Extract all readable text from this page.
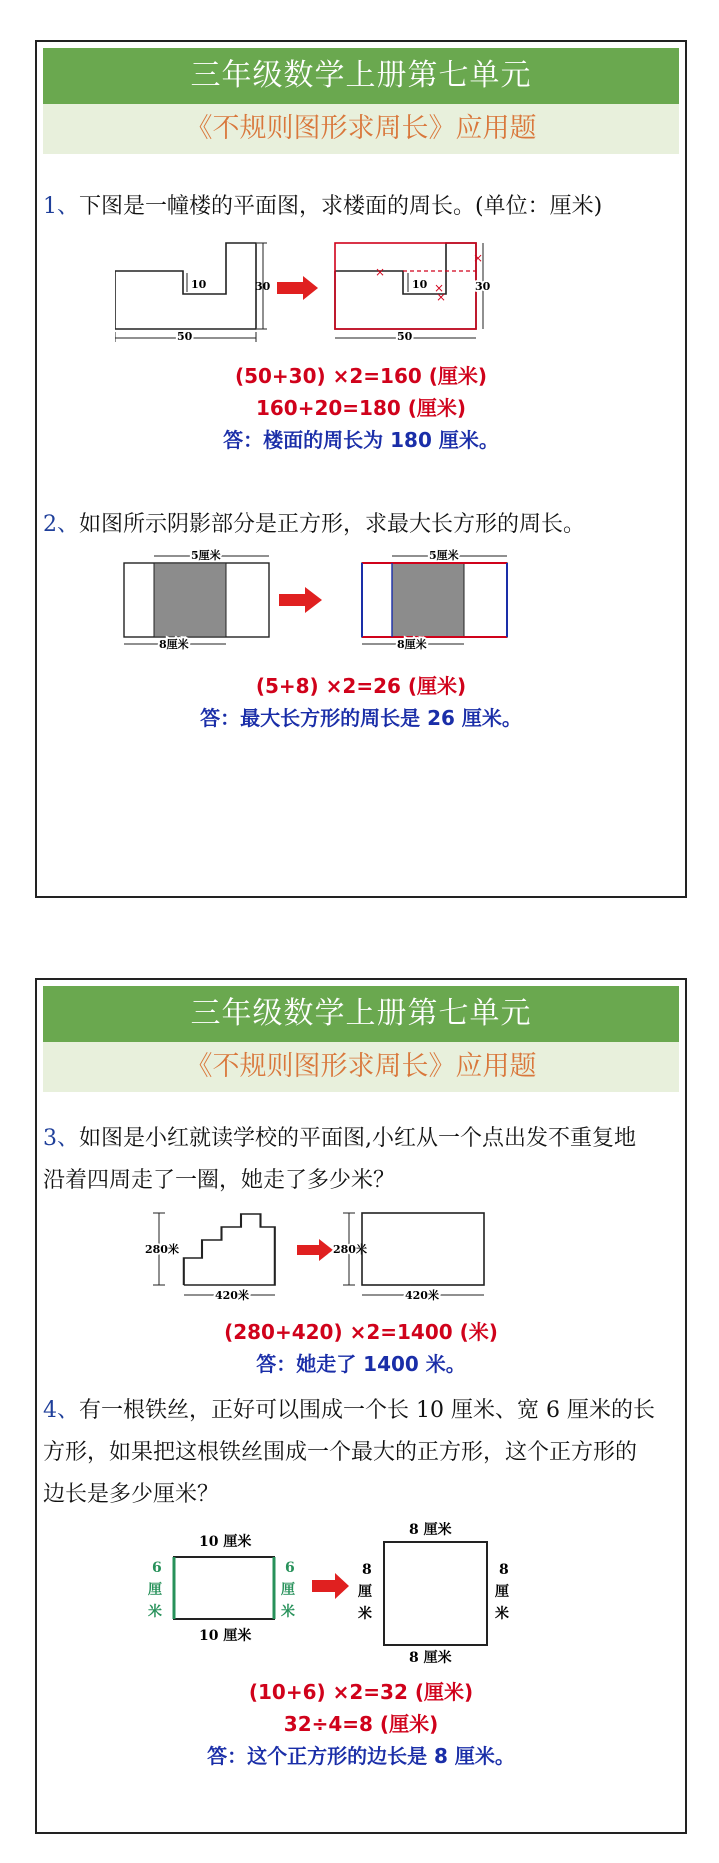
三年级数学上册第七单元
《不规则图形求周长》应用题
1、下图是一幢楼的平面图，求楼面的周长。(单位：厘米)
10	30
50
×
×
×
×
10	30
50
(50+30) ×2=160 (厘米)
160+20=180 (厘米)
答：楼面的周长为 180 厘米。
2、如图所示阴影部分是正方形，求最大长方形的周长。
5厘米
8厘米
5厘米
8厘米
(5+8) ×2=26 (厘米)
答：最大长方形的周长是 26 厘米。
三年级数学上册第七单元
《不规则图形求周长》应用题
3、如图是小红就读学校的平面图,小红从一个点出发不重复地
沿着四周走了一圈，她走了多少米？
280米
420米
280米
420米
(280+420) ×2=1400 (米)
答：她走了 1400 米。
4、有一根铁丝，正好可以围成一个长 10 厘米、宽 6 厘米的长
方形，如果把这根铁丝围成一个最大的正方形，这个正方形的
边长是多少厘米？
10 厘米
6
厘
米
6
厘
米
10 厘米
8 厘米
8
厘
米
8
厘
米
8 厘米
(10+6) ×2=32 (厘米)
32÷4=8 (厘米)
答：这个正方形的边长是 8 厘米。
